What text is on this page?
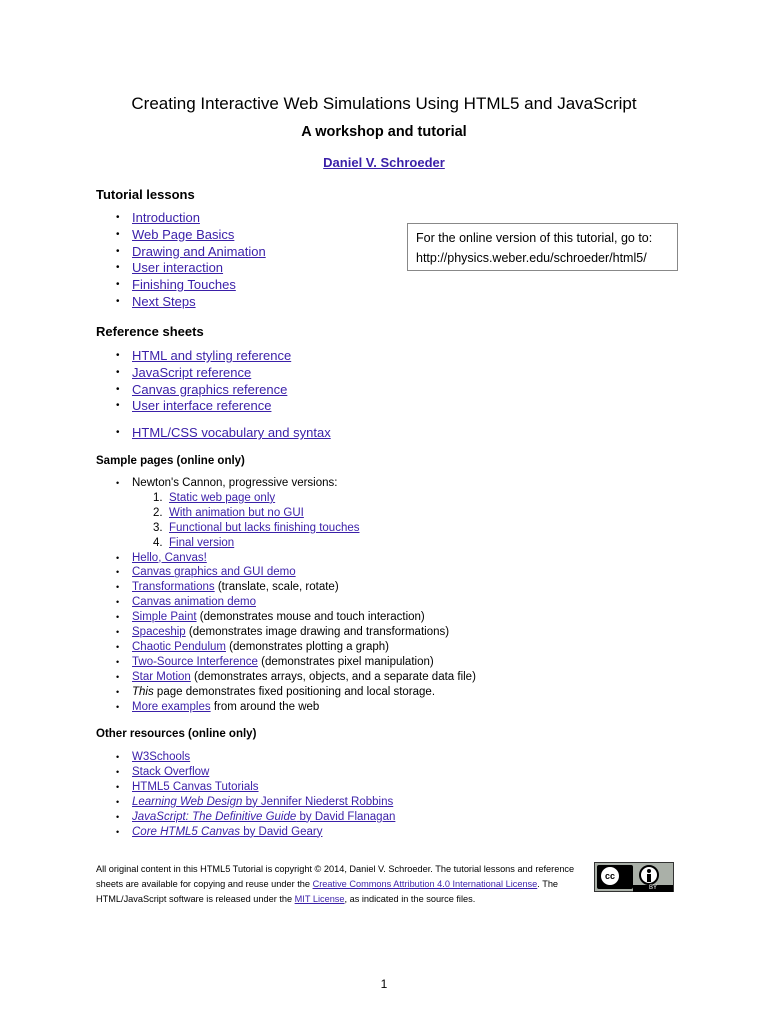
Creating Interactive Web Simulations Using HTML5 and JavaScript
A workshop and tutorial
Daniel V. Schroeder
Tutorial lessons
• Introduction
• Web Page Basics
• Drawing and Animation
• User interaction
• Finishing Touches
• Next Steps
For the online version of this tutorial, go to:
http://physics.weber.edu/schroeder/html5/
Reference sheets
• HTML and styling reference
• JavaScript reference
• Canvas graphics reference
• User interface reference
• HTML/CSS vocabulary and syntax
Sample pages (online only)
• Newton's Cannon, progressive versions:
1. Static web page only
2. With animation but no GUI
3. Functional but lacks finishing touches
4. Final version
• Hello, Canvas!
• Canvas graphics and GUI demo
• Transformations (translate, scale, rotate)
• Canvas animation demo
• Simple Paint (demonstrates mouse and touch interaction)
• Spaceship (demonstrates image drawing and transformations)
• Chaotic Pendulum (demonstrates plotting a graph)
• Two-Source Interference (demonstrates pixel manipulation)
• Star Motion (demonstrates arrays, objects, and a separate data file)
• This page demonstrates fixed positioning and local storage.
• More examples from around the web
Other resources (online only)
• W3Schools
• Stack Overflow
• HTML5 Canvas Tutorials
• Learning Web Design by Jennifer Niederst Robbins
• JavaScript: The Definitive Guide by David Flanagan
• Core HTML5 Canvas by David Geary
All original content in this HTML5 Tutorial is copyright © 2014, Daniel V. Schroeder. The tutorial lessons and reference sheets are available for copying and reuse under the Creative Commons Attribution 4.0 International License. The HTML/JavaScript software is released under the MIT License, as indicated in the source files.
cc
BY
1
